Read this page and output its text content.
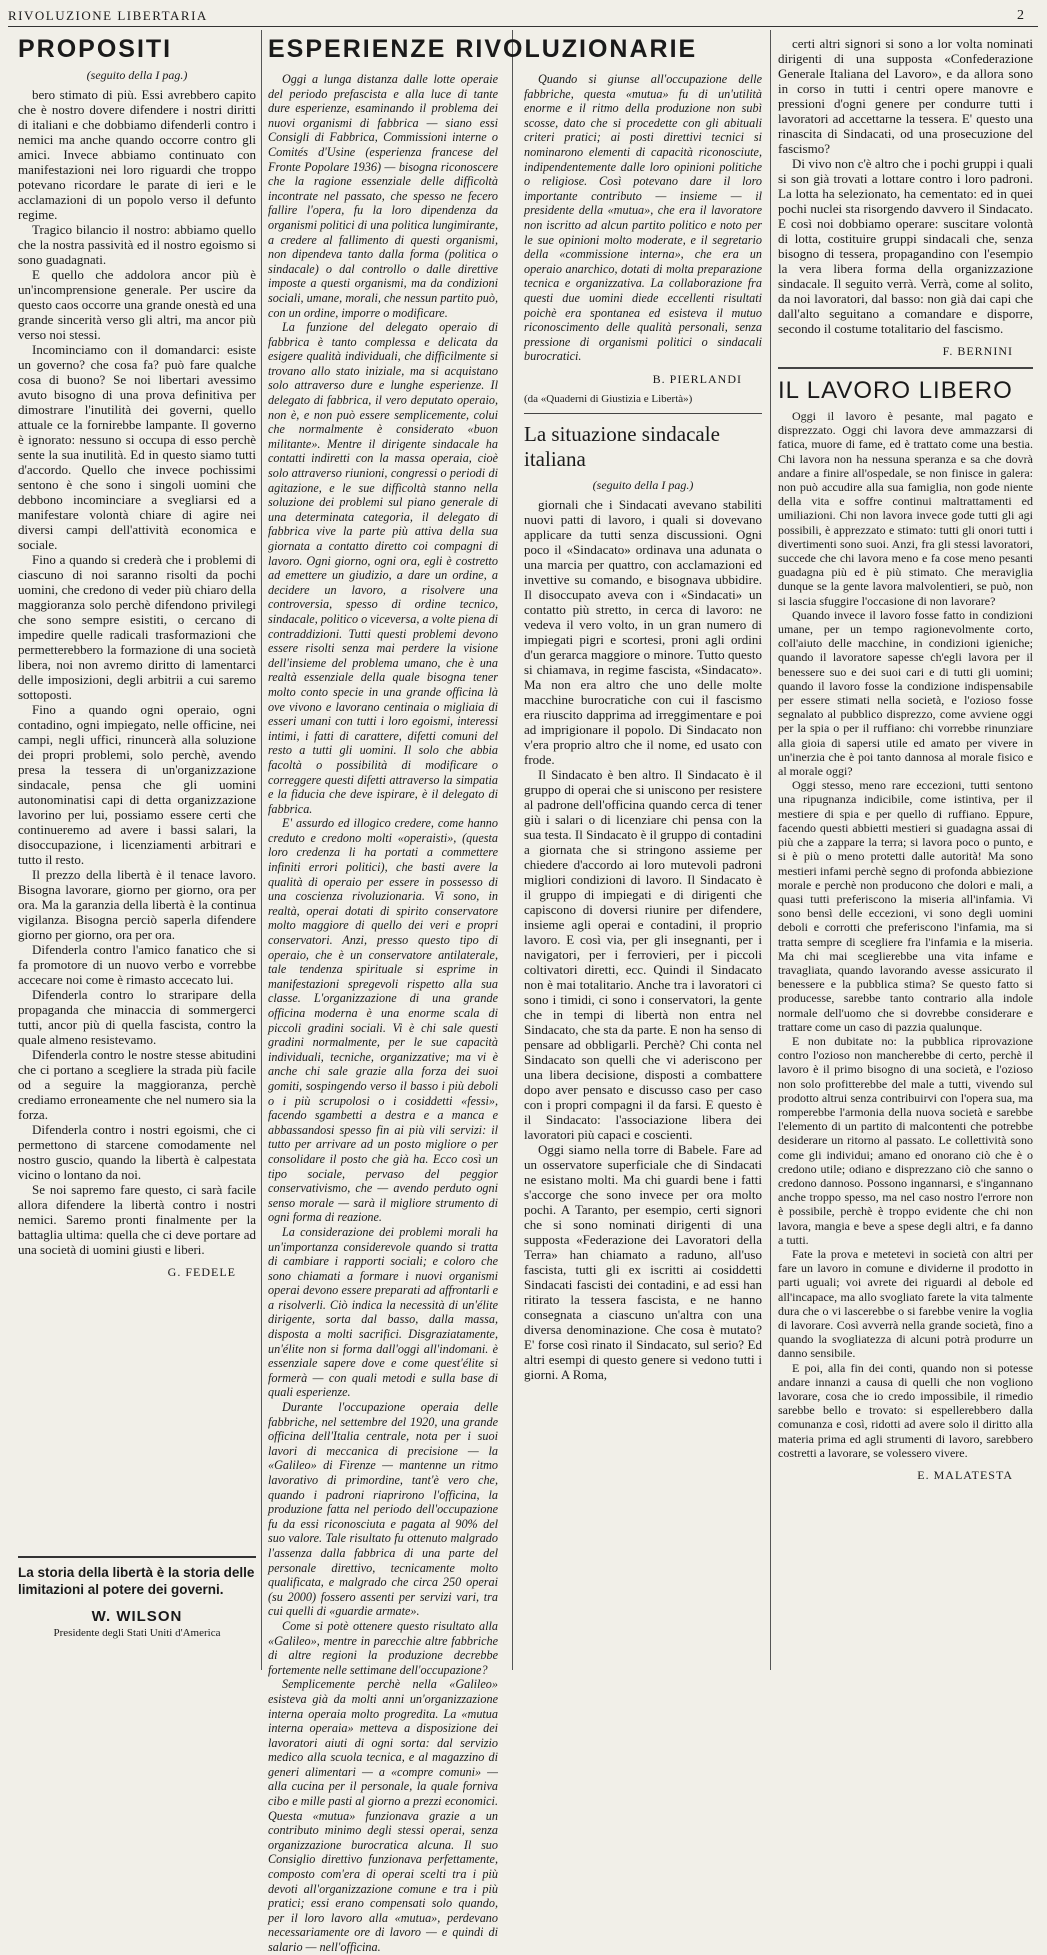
RIVOLUZIONE LIBERTARIA	2
PROPOSITI
(seguito della I pag.)

bero stimato di più. Essi avrebbero capito che è nostro dovere difendere i nostri diritti di italiani e che dobbiamo difenderli contro i nemici ma anche quando occorre contro gli amici. Invece abbiamo continuato con manifestazioni nei loro riguardi che troppo potevano ricordare le parate di ieri e le acclamazioni di un popolo verso il defunto regime.

Tragico bilancio il nostro: abbiamo quello che la nostra passività ed il nostro egoismo si sono guadagnati.

E quello che addolora ancor più è un'incomprensione generale. Per uscire da questo caos occorre una grande onestà ed una grande sincerità verso gli altri, ma ancor più verso noi stessi.

Incominciamo con il domandarci: esiste un governo? che cosa fa? può fare qualche cosa di buono? Se noi libertari avessimo avuto bisogno di una prova definitiva per dimostrare l'inutilità dei governi, quello attuale ce la fornirebbe lampante. Il governo è ignorato: nessuno si occupa di esso perchè sente la sua inutilità. Ed in questo siamo tutti d'accordo. Quello che invece pochissimi sentono è che sono i singoli uomini che debbono incominciare a svegliarsi ed a manifestare volontà chiare di agire nei diversi campi dell'attività economica e sociale.

Fino a quando si crederà che i problemi di ciascuno di noi saranno risolti da pochi uomini, che credono di veder più chiaro della maggioranza solo perchè difendono privilegi che sono sempre esistiti, o cercano di impedire quelle radicali trasformazioni che permetterebbero la formazione di una società libera, noi non avremo diritto di lamentarci delle imposizioni, degli arbitrii a cui saremo sottoposti.

Fino a quando ogni operaio, ogni contadino, ogni impiegato, nelle officine, nei campi, negli uffici, rinuncerà alla soluzione dei propri problemi, solo perchè, avendo presa la tessera di un'organizzazione sindacale, pensa che gli uomini autonominatisi capi di detta organizzazione lavorino per lui, possiamo essere certi che continueremo ad avere i bassi salari, la disoccupazione, i licenziamenti arbitrari e tutto il resto.

Il prezzo della libertà è il tenace lavoro. Bisogna lavorare, giorno per giorno, ora per ora. Ma la garanzia della libertà è la continua vigilanza. Bisogna perciò saperla difendere giorno per giorno, ora per ora.

Difenderla contro l'amico fanatico che si fa promotore di un nuovo verbo e vorrebbe accecare noi come è rimasto accecato lui.

Difenderla contro lo straripare della propaganda che minaccia di sommergerci tutti, ancor più di quella fascista, contro la quale almeno resistevamo.

Difenderla contro le nostre stesse abitudini che ci portano a scegliere la strada più facile od a seguire la maggioranza, perchè crediamo erroneamente che nel numero sia la forza.

Difenderla contro i nostri egoismi, che ci permettono di starcene comodamente nel nostro guscio, quando la libertà è calpestata vicino o lontano da noi.

Se noi sapremo fare questo, ci sarà facile allora difendere la libertà contro i nostri nemici. Saremo pronti finalmente per la battaglia ultima: quella che ci deve portare ad una società di uomini giusti e liberi.

G. FEDELE
La storia della libertà è la storia delle limitazioni al potere dei governi.
W. WILSON
Presidente degli Stati Uniti d'America
ESPERIENZE RIVOLUZIONARIE

Oggi a lunga distanza dalle lotte operaie del periodo prefascista e alla luce di tante dure esperienze, esaminando il problema dei nuovi organismi di fabbrica — siano essi Consigli di Fabbrica, Commissioni interne o Comités d'Usine (esperienza francese del Fronte Popolare 1936) — bisogna riconoscere che la ragione essenziale delle difficoltà incontrate nel passato, che spesso ne fecero fallire l'opera, fu la loro dipendenza da organismi politici di una politica lungimirante, a credere al fallimento di questi organismi, non dipendeva tanto dalla forma (politica o sindacale) o dal controllo o dalle direttive imposte a questi organismi, ma da condizioni sociali, umane, morali, che nessun partito può, con un ordine, imporre o modificare.

La funzione del delegato operaio di fabbrica è tanto complessa e delicata da esigere qualità individuali, che difficilmente si trovano allo stato iniziale, ma si acquistano solo attraverso dure e lunghe esperienze. Il delegato di fabbrica, il vero deputato operaio, non è, e non può essere semplicemente, colui che normalmente è considerato «buon militante». Mentre il dirigente sindacale ha contatti indiretti con la massa operaia, cioè solo attraverso riunioni, congressi o periodi di agitazione, e le sue difficoltà stanno nella soluzione dei problemi sul piano generale di una determinata categoria, il delegato di fabbrica vive la parte più attiva della sua giornata a contatto diretto coi compagni di lavoro. Ogni giorno, ogni ora, egli è costretto ad emettere un giudizio, a dare un ordine, a decidere un lavoro, a risolvere una controversia, spesso di ordine tecnico, sindacale, politico o viceversa, a volte piena di contraddizioni. Tutti questi problemi devono essere risolti senza mai perdere la visione dell'insieme del problema umano, che è una realtà essenziale della quale bisogna tener molto conto specie in una grande officina là ove vivono e lavorano centinaia o migliaia di esseri umani con tutti i loro egoismi, interessi intimi, i fatti di carattere, difetti comuni del resto a tutti gli uomini. Il solo che abbia facoltà o possibilità di modificare o correggere questi difetti attraverso la simpatia e la fiducia che deve ispirare, è il delegato di fabbrica.

E' assurdo ed illogico credere, come hanno creduto e credono molti «operaisti», (questa loro credenza li ha portati a commettere infiniti errori politici), che basti avere la qualità di operaio per essere in possesso di una coscienza rivoluzionaria. Vi sono, in realtà, operai dotati di spirito conservatore molto maggiore di quello dei veri e propri conservatori. Anzi, presso questo tipo di operaio, che è un conservatore antilaterale, tale tendenza spirituale si esprime in manifestazioni spregevoli rispetto alla sua classe. L'organizzazione di una grande officina moderna è una enorme scala di piccoli gradini sociali. Vi è chi sale questi gradini normalmente, per le sue capacità individuali, tecniche, organizzative; ma vi è anche chi sale grazie alla forza dei suoi gomiti, sospingendo verso il basso i più deboli o i più scrupolosi o i cosiddetti «fessi», facendo sgambetti a destra e a manca e abbassandosi spesso fin ai più vili servizi: il tutto per arrivare ad un posto migliore o per consolidare il posto che già ha. Ecco così un tipo sociale, pervaso del peggior conservativismo, che — avendo perduto ogni senso morale — sarà il migliore strumento di ogni forma di reazione.

La considerazione dei problemi morali ha un'importanza considerevole quando si tratta di cambiare i rapporti sociali; e coloro che sono chiamati a formare i nuovi organismi operai devono essere preparati ad affrontarli e a risolverli. Ciò indica la necessità di un'élite dirigente, sorta dal basso, dalla massa, disposta a molti sacrifici. Disgraziatamente, un'élite non si forma dall'oggi all'indomani. è essenziale sapere dove e come quest'élite si formerà — con quali metodi e sulla base di quali esperienze.

Durante l'occupazione operaia delle fabbriche, nel settembre del 1920, una grande officina dell'Italia centrale, nota per i suoi lavori di meccanica di precisione — la «Galileo» di Firenze — mantenne un ritmo lavorativo di primordine, tant'è vero che, quando i padroni riaprirono l'officina, la produzione fatta nel periodo dell'occupazione fu da essi riconosciuta e pagata al 90% del suo valore. Tale risultato fu ottenuto malgrado l'assenza dalla fabbrica di una parte del personale direttivo, tecnicamente molto qualificata, e malgrado che circa 250 operai (su 2000) fossero assenti per servizi vari, tra cui quelli di «guardie armate».

Come si potè ottenere questo risultato alla «Galileo», mentre in parecchie altre fabbriche di altre regioni la produzione decrebbe fortemente nelle settimane dell'occupazione?

Semplicemente perchè nella «Galileo» esisteva già da molti anni un'organizzazione interna operaia molto progredita. La «mutua interna operaia» metteva a disposizione dei lavoratori aiuti di ogni sorta: dal servizio medico alla scuola tecnica, e al magazzino di generi alimentari — a «compre comuni» — alla cucina per il personale, la quale forniva cibo e mille pasti al giorno a prezzi economici. Questa «mutua» funzionava grazie a un contributo minimo degli stessi operai, senza organizzazione burocratica alcuna. Il suo Consiglio direttivo funzionava perfettamente, composto com'era di operai scelti tra i più devoti all'organizzazione comune e tra i più pratici; essi erano compensati solo quando, per il loro lavoro alla «mutua», perdevano necessariamente ore di lavoro — e quindi di salario — nell'officina.

Quando si giunse all'occupazione delle fabbriche, questa «mutua» fu di un'utilità enorme e il ritmo della produzione non subì scosse, dato che si procedette con gli abituali criteri pratici; ai posti direttivi tecnici si nominarono elementi di capacità riconosciute, indipendentemente dalle loro opinioni politiche o religiose. Così potevano dare il loro importante contributo — insieme — il presidente della «mutua», che era il lavoratore non iscritto ad alcun partito politico e noto per le sue opinioni molto moderate, e il segretario della «commissione interna», che era un operaio anarchico, dotati di molta preparazione tecnica e organizzativa. La collaborazione fra questi due uomini diede eccellenti risultati poichè era spontanea ed esisteva il mutuo riconoscimento delle qualità personali, senza pressione di organismi politici o sindacali burocratici.

B. PIERLANDI
(da «Quaderni di Giustizia e Libertà»)
La situazione sindacale italiana
(seguito della I pag.)

giornali che i Sindacati avevano stabiliti nuovi patti di lavoro, i quali si dovevano applicare da tutti senza discussioni. Ogni poco il «Sindacato» ordinava una adunata o una marcia per quattro, con acclamazioni ed invettive su comando, e bisognava ubbidire. Il disoccupato aveva con i «Sindacati» un contatto più stretto, in cerca di lavoro: ne vedeva il vero volto, in un gran numero di impiegati pigri e scortesi, proni agli ordini d'un gerarca maggiore o minore. Tutto questo si chiamava, in regime fascista, «Sindacato». Ma non era altro che uno delle molte macchine burocratiche con cui il fascismo era riuscito dapprima ad irreggimentare e poi ad imprigionare il popolo. Di Sindacato non v'era proprio altro che il nome, ed usato con frode.

Il Sindacato è ben altro. Il Sindacato è il gruppo di operai che si uniscono per resistere al padrone dell'officina quando cerca di tener giù i salari o di licenziare chi pensa con la sua testa. Il Sindacato è il gruppo di contadini a giornata che si stringono assieme per chiedere d'accordo ai loro mutevoli padroni migliori condizioni di lavoro. Il Sindacato è il gruppo di impiegati e di dirigenti che capiscono di doversi riunire per difendere, insieme agli operai e contadini, il proprio lavoro. E così via, per gli insegnanti, per i navigatori, per i ferrovieri, per i piccoli coltivatori diretti, ecc. Quindi il Sindacato non è mai totalitario. Anche tra i lavoratori ci sono i timidi, ci sono i conservatori, la gente che in tempi di libertà non entra nel Sindacato, che sta da parte. E non ha senso di pensare ad obbligarli. Perchè? Chi conta nel Sindacato son quelli che vi aderiscono per una libera decisione, disposti a combattere dopo aver pensato e discusso caso per caso con i propri compagni il da farsi. E questo è il Sindacato: l'associazione libera dei lavoratori più capaci e coscienti.

Oggi siamo nella torre di Babele. Fare ad un osservatore superficiale che di Sindacati ne esistano molti. Ma chi guardi bene i fatti s'accorge che sono invece per ora molto pochi. A Taranto, per esempio, certi signori che si sono nominati dirigenti di una supposta «Federazione dei Lavoratori della Terra» han chiamato a raduno, all'uso fascista, tutti gli ex iscritti ai cosiddetti Sindacati fascisti dei contadini, e ad essi han ritirato la tessera fascista, e ne hanno consegnata a ciascuno un'altra con una diversa denominazione. Che cosa è mutato? E' forse così rinato il Sindacato, sul serio? Ed altri esempi di questo genere si vedono tutti i giorni. A Roma,

certi altri signori si sono a lor volta nominati dirigenti di una supposta «Confederazione Generale Italiana del Lavoro», e da allora sono in corso in tutti i centri opere manovre e pressioni d'ogni genere per condurre tutti i lavoratori ad accettarne la tessera. E' questo una rinascita di Sindacati, od una prosecuzione del fascismo?

Di vivo non c'è altro che i pochi gruppi i quali si son già trovati a lottare contro i loro padroni. La lotta ha selezionato, ha cementato: ed in quei pochi nuclei sta risorgendo davvero il Sindacato. E così noi dobbiamo operare: suscitare volontà di lotta, costituire gruppi sindacali che, senza bisogno di tessera, propagandino con l'esempio la vera libera forma della organizzazione sindacale. Il seguito verrà. Verrà, come al solito, da noi lavoratori, dal basso: non già dai capi che dall'alto seguitano a comandare e disporre, secondo il costume totalitario del fascismo.

F. BERNINI
IL LAVORO LIBERO

Oggi il lavoro è pesante, mal pagato e disprezzato. Oggi chi lavora deve ammazzarsi di fatica, muore di fame, ed è trattato come una bestia. Chi lavora non ha nessuna speranza e sa che dovrà andare a finire all'ospedale, se non finisce in galera: non può accudire alla sua famiglia, non gode niente della vita e soffre continui maltrattamenti ed umiliazioni. Chi non lavora invece gode tutti gli agi possibili, è apprezzato e stimato: tutti gli onori tutti i divertimenti sono suoi. Anzi, fra gli stessi lavoratori, succede che chi lavora meno e fa cose meno pesanti guadagna più ed è più stimato. Che meraviglia dunque se la gente lavora malvolentieri, se può, non si lascia sfuggire l'occasione di non lavorare?

Quando invece il lavoro fosse fatto in condizioni umane, per un tempo ragionevolmente corto, coll'aiuto delle macchine, in condizioni igieniche; quando il lavoratore sapesse ch'egli lavora per il benessere suo e dei suoi cari e di tutti gli uomini; quando il lavoro fosse la condizione indispensabile per essere stimati nella società, e l'ozioso fosse segnalato al pubblico disprezzo, come avviene oggi per la spia o per il ruffiano: chi vorrebbe rinunziare alla gioia di sapersi utile ed amato per vivere in un'inerzia che è poi tanto dannosa al morale fisico e al morale oggi?

Oggi stesso, meno rare eccezioni, tutti sentono una ripugnanza indicibile, come istintiva, per il mestiere di spia e per quello di ruffiano. Eppure, facendo questi abbietti mestieri si guadagna assai di più che a zappare la terra; si lavora poco o punto, e si è più o meno protetti dalle autorità! Ma sono mestieri infami perchè segno di profonda abbiezione morale e perchè non producono che dolori e mali, a quasi tutti preferiscono la miseria all'infamia. Vi sono bensì delle eccezioni, vi sono degli uomini deboli e corrotti che preferiscono l'infamia, ma si tratta sempre di scegliere fra l'infamia e la miseria. Ma chi mai sceglierebbe una vita infame e travagliata, quando lavorando avesse assicurato il benessere e la pubblica stima? Se questo fatto si producesse, sarebbe tanto contrario alla indole normale dell'uomo che si dovrebbe considerare e trattare come un caso di pazzia qualunque.

E non dubitate no: la pubblica riprovazione contro l'ozioso non mancherebbe di certo, perchè il lavoro è il primo bisogno di una società, e l'ozioso non solo profitterebbe del male a tutti, vivendo sul prodotto altrui senza contribuirvi con l'opera sua, ma romperebbe l'armonia della nuova società e sarebbe l'elemento di un partito di malcontenti che potrebbe desiderare un ritorno al passato. Le collettività sono come gli individui; amano ed onorano ciò che è o credono utile; odiano e disprezzano ciò che sanno o credono dannoso. Possono ingannarsi, e s'ingannano anche troppo spesso, ma nel caso nostro l'errore non è possibile, perchè è troppo evidente che chi non lavora, mangia e beve a spese degli altri, e fa danno a tutti.

Fate la prova e metetevi in società con altri per fare un lavoro in comune e dividerne il prodotto in parti uguali; voi avrete dei riguardi al debole ed all'incapace, ma allo svogliato farete la vita talmente dura che o vi lascerebbe o si farebbe venire la voglia di lavorare. Così avverrà nella grande società, fino a quando la svogliatezza di alcuni potrà produrre un danno sensibile.

E poi, alla fin dei conti, quando non si potesse andare innanzi a causa di quelli che non vogliono lavorare, cosa che io credo impossibile, il rimedio sarebbe bello e trovato: si espellerebbero dalla comunanza e così, ridotti ad avere solo il diritto alla materia prima ed agli strumenti di lavoro, sarebbero costretti a lavorare, se volessero vivere.

E. MALATESTA
